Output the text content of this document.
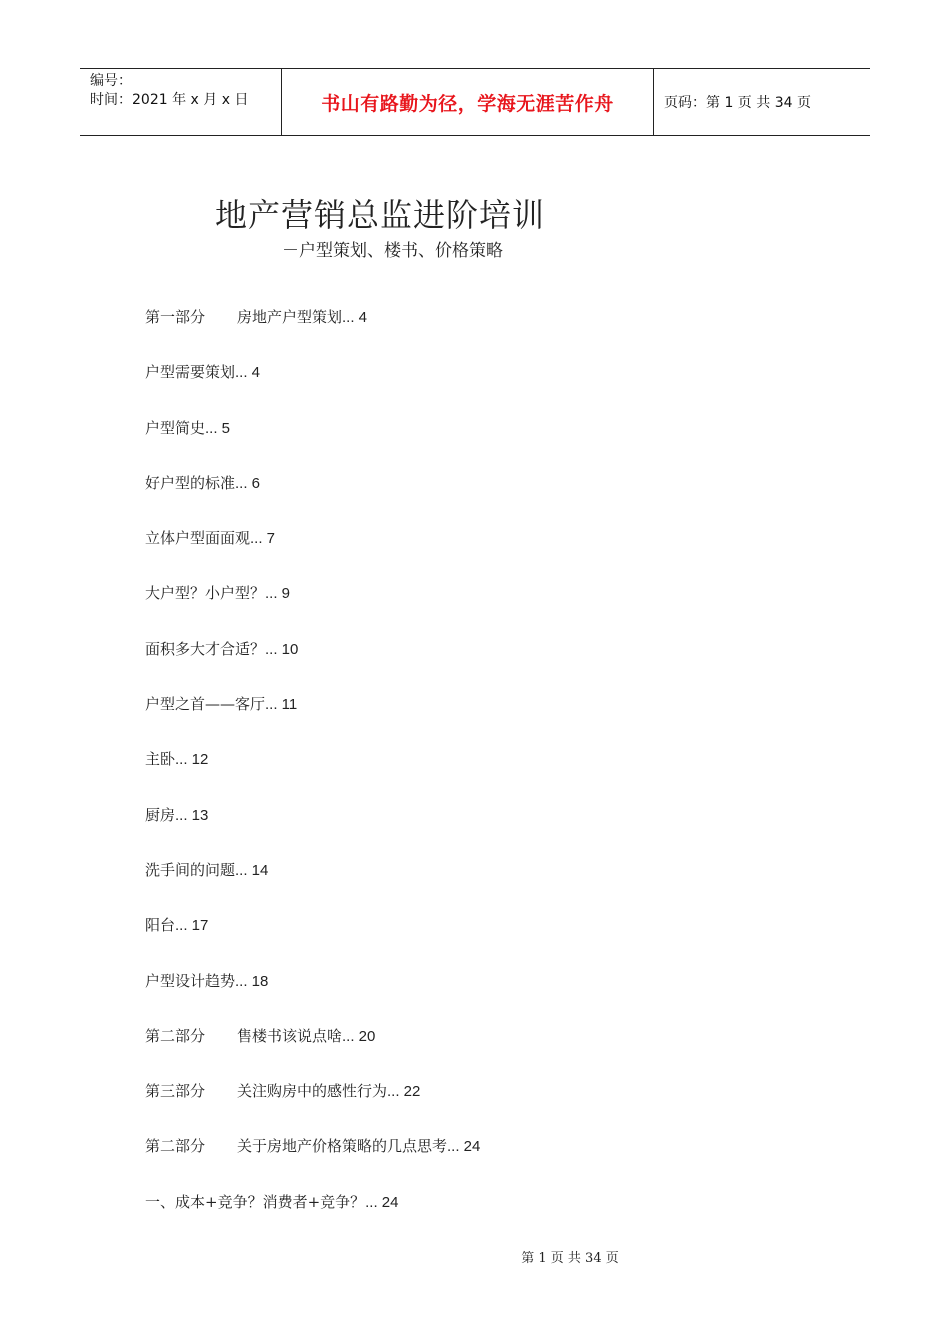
编号：
时间：2021 年 x 月 x 日	书山有路勤为径，学海无涯苦作舟	页码：第 1 页 共 34 页
地产营销总监进阶培训
－户型策划、楼书、价格策略
第一部分 房地产户型策划... 4
户型需要策划... 4
户型简史... 5
好户型的标准... 6
立体户型面面观... 7
大户型？小户型？... 9
面积多大才合适？... 10
户型之首——客厅... 11
主卧... 12
厨房... 13
洗手间的问题... 14
阳台... 17
户型设计趋势... 18
第二部分 售楼书该说点啥... 20
第三部分 关注购房中的感性行为... 22
第二部分 关于房地产价格策略的几点思考... 24
一、成本+竞争？消费者+竞争？... 24
第 1 页 共 34 页
